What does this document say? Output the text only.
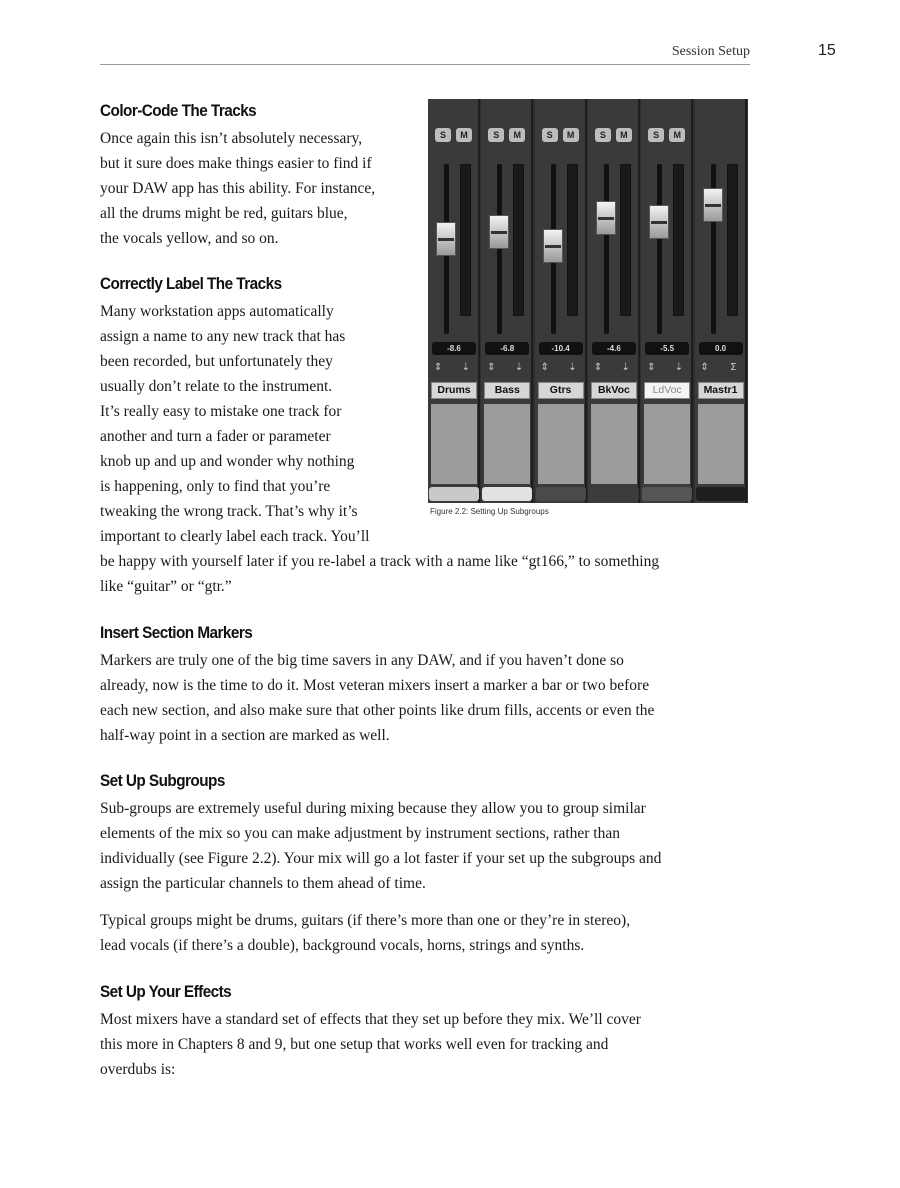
Session Setup	15
Color-Code The Tracks

Once again this isn’t absolutely necessary,
but it sure does make things easier to find if
your DAW app has this ability. For instance,
all the drums might be red, guitars blue,
the vocals yellow, and so on.

Correctly Label The Tracks

Many workstation apps automatically
assign a name to any new track that has
been recorded, but unfortunately they
usually don’t relate to the instrument.
It’s really easy to mistake one track for
another and turn a fader or parameter
knob up and up and wonder why nothing
is happening, only to find that you’re
tweaking the wrong track. That’s why it’s
important to clearly label each track. You’ll

be happy with yourself later if you re-label a track with a name like “gt166,” to something
like “guitar” or “gtr.”

S	M
-8.6
⇕ ⇣
Drums
S	M
-6.8
⇕ ⇣
Bass
S	M
-10.4
⇕ ⇣
Gtrs
S	M
-4.6
⇕ ⇣
BkVoc
S	M
-5.5
⇕ ⇣
LdVoc
0.0
⇕ Σ
Mastr1
Figure 2.2: Setting Up Subgroups
Insert Section Markers

Markers are truly one of the big time savers in any DAW, and if you haven’t done so
already, now is the time to do it. Most veteran mixers insert a marker a bar or two before
each new section, and also make sure that other points like drum fills, accents or even the
half-way point in a section are marked as well.

Set Up Subgroups

Sub-groups are extremely useful during mixing because they allow you to group similar
elements of the mix so you can make adjustment by instrument sections, rather than
individually (see Figure 2.2). Your mix will go a lot faster if your set up the subgroups and
assign the particular channels to them ahead of time.

Typical groups might be drums, guitars (if there’s more than one or they’re in stereo),
lead vocals (if there’s a double), background vocals, horns, strings and synths.

Set Up Your Effects

Most mixers have a standard set of effects that they set up before they mix. We’ll cover
this more in Chapters 8 and 9, but one setup that works well even for tracking and
overdubs is:
